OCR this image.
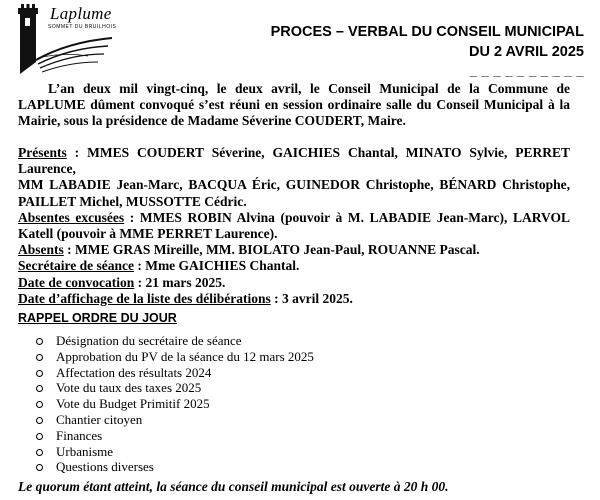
Laplume
SOMMET DU BRUILHOIS	PROCES – VERBAL DU CONSEIL MUNICIPAL
DU 2 AVRIL 2025
_ _ _ _ _ _ _ _ _ _
L’an deux mil vingt-cinq, le deux avril, le Conseil Municipal de la Commune de LAPLUME dûment convoqué s’est réuni en session ordinaire salle du Conseil Municipal à la Mairie, sous la présidence de Madame Séverine COUDERT, Maire.

Présents : MMES COUDERT Séverine, GAICHIES Chantal, MINATO Sylvie, PERRET Laurence,

MM LABADIE Jean-Marc, BACQUA Éric, GUINEDOR Christophe, BÉNARD Christophe, PAILLET Michel, MUSSOTTE Cédric.

Absentes excusées : MMES ROBIN Alvina (pouvoir à M. LABADIE Jean-Marc), LARVOL Katell (pouvoir à MME PERRET Laurence).

Absents : MME GRAS Mireille, MM. BIOLATO Jean-Paul, ROUANNE Pascal.

Secrétaire de séance : Mme GAICHIES Chantal.

Date de convocation : 21 mars 2025.

Date d’affichage de la liste des délibérations : 3 avril 2025.

RAPPEL ORDRE DU JOUR
Désignation du secrétaire de séance
Approbation du PV de la séance du 12 mars 2025
Affectation des résultats 2024
Vote du taux des taxes 2025
Vote du Budget Primitif 2025
Chantier citoyen
Finances
Urbanisme
Questions diverses
Le quorum étant atteint, la séance du conseil municipal est ouverte à 20 h 00.
